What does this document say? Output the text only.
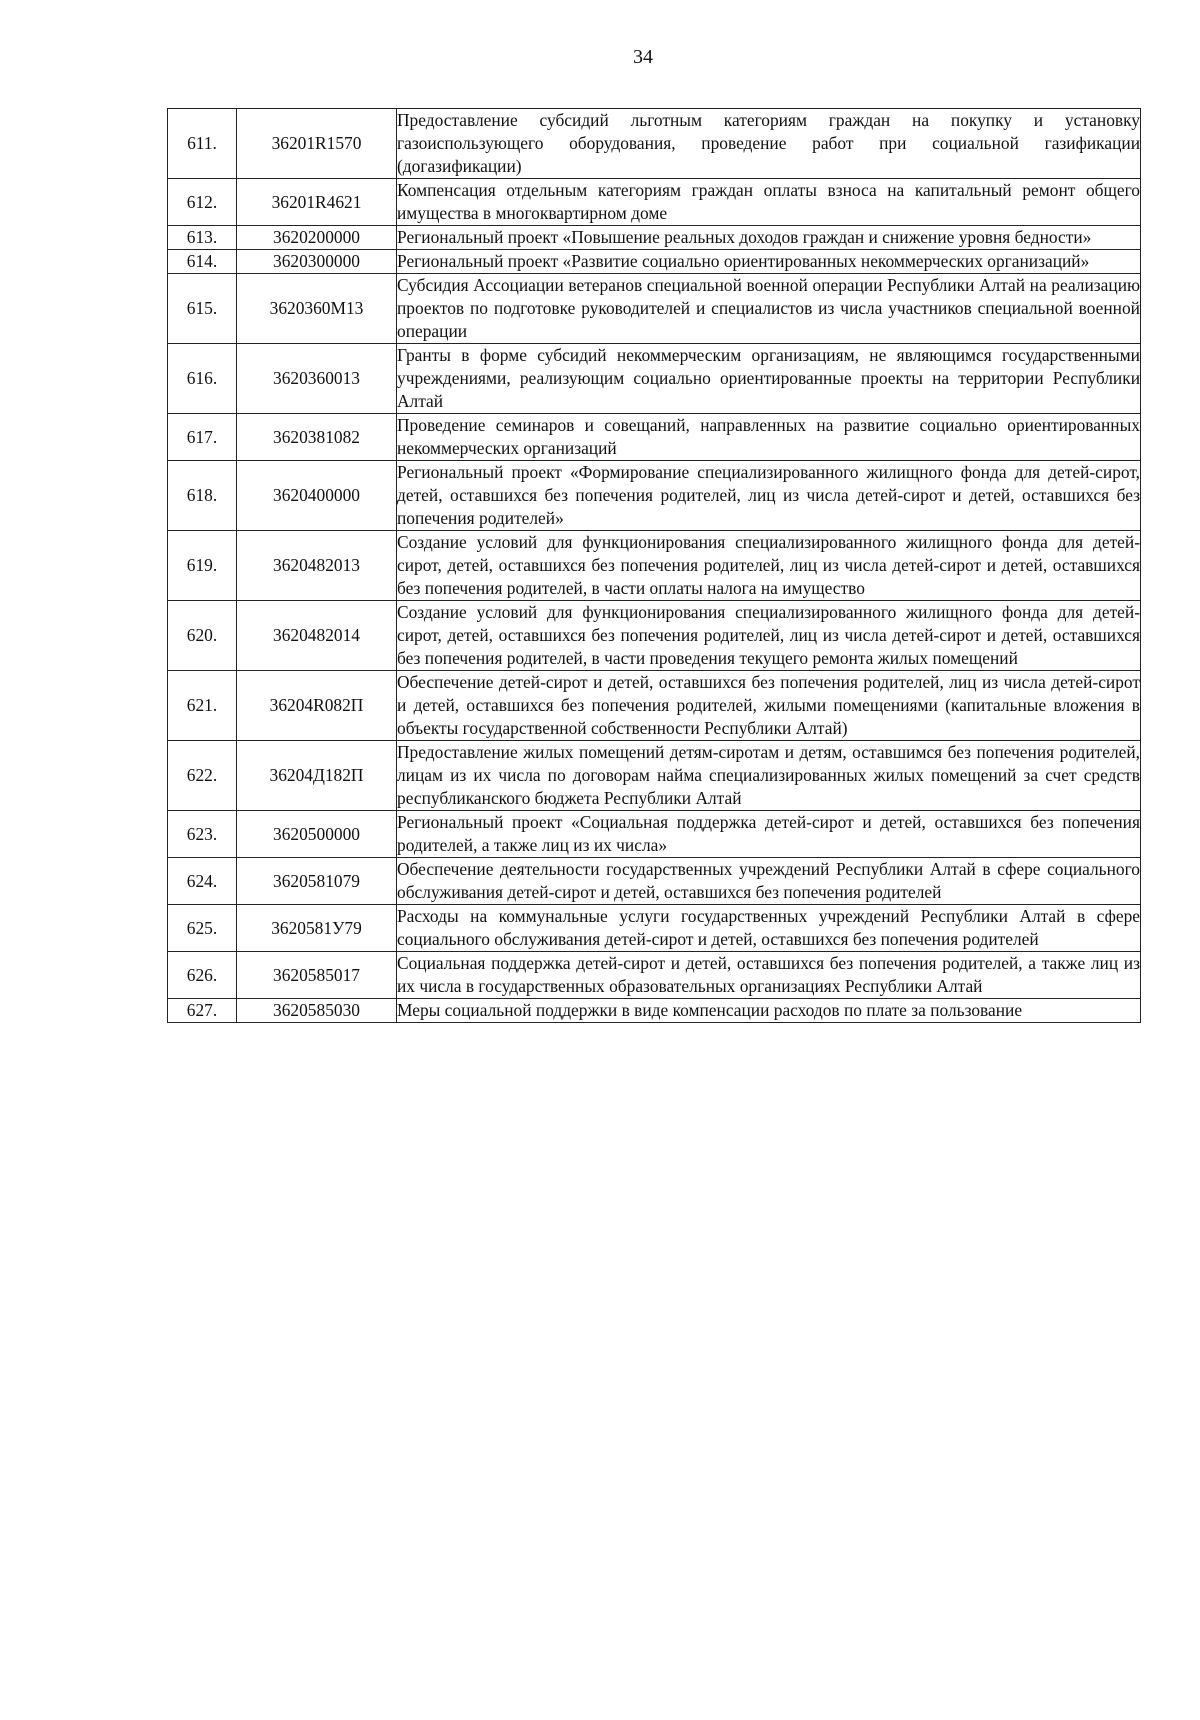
34
611.	36201R1570	Предоставление субсидий льготным категориям граждан на покупку и установку газоиспользующего оборудования, проведение работ при социальной газификации (догазификации)

612.	36201R4621	Компенсация отдельным категориям граждан оплаты взноса на капитальный ремонт общего имущества в многоквартирном доме

613.	3620200000	Региональный проект «Повышение реальных доходов граждан и снижение уровня бедности»

614.	3620300000	Региональный проект «Развитие социально ориентированных некоммерческих организаций»

615.	3620360M13	Субсидия Ассоциации ветеранов специальной военной операции Республики Алтай на реализацию проектов по подготовке руководителей и специалистов из числа участников специальной военной операции

616.	3620360013	Гранты в форме субсидий некоммерческим организациям, не являющимся государственными учреждениями, реализующим социально ориентированные проекты на территории Республики Алтай

617.	3620381082	Проведение семинаров и совещаний, направленных на развитие социально ориентированных некоммерческих организаций

618.	3620400000	Региональный проект «Формирование специализированного жилищного фонда для детей-сирот, детей, оставшихся без попечения родителей, лиц из числа детей-сирот и детей, оставшихся без попечения родителей»

619.	3620482013	Создание условий для функционирования специализированного жилищного фонда для детей-сирот, детей, оставшихся без попечения родителей, лиц из числа детей-сирот и детей, оставшихся без попечения родителей, в части оплаты налога на имущество

620.	3620482014	Создание условий для функционирования специализированного жилищного фонда для детей-сирот, детей, оставшихся без попечения родителей, лиц из числа детей-сирот и детей, оставшихся без попечения родителей, в части проведения текущего ремонта жилых помещений

621.	36204R082П	Обеспечение детей-сирот и детей, оставшихся без попечения родителей, лиц из числа детей-сирот и детей, оставшихся без попечения родителей, жилыми помещениями (капитальные вложения в объекты государственной собственности Республики Алтай)

622.	36204Д182П	Предоставление жилых помещений детям-сиротам и детям, оставшимся без попечения родителей, лицам из их числа по договорам найма специализированных жилых помещений за счет средств республиканского бюджета Республики Алтай

623.	3620500000	Региональный проект «Социальная поддержка детей-сирот и детей, оставшихся без попечения родителей, а также лиц из их числа»

624.	3620581079	Обеспечение деятельности государственных учреждений Республики Алтай в сфере социального обслуживания детей-сирот и детей, оставшихся без попечения родителей

625.	3620581У79	Расходы на коммунальные услуги государственных учреждений Республики Алтай в сфере социального обслуживания детей-сирот и детей, оставшихся без попечения родителей

626.	3620585017	Социальная поддержка детей-сирот и детей, оставшихся без попечения родителей, а также лиц из их числа в государственных образовательных организациях Республики Алтай

627.	3620585030	Меры социальной поддержки в виде компенсации расходов по плате за пользование
